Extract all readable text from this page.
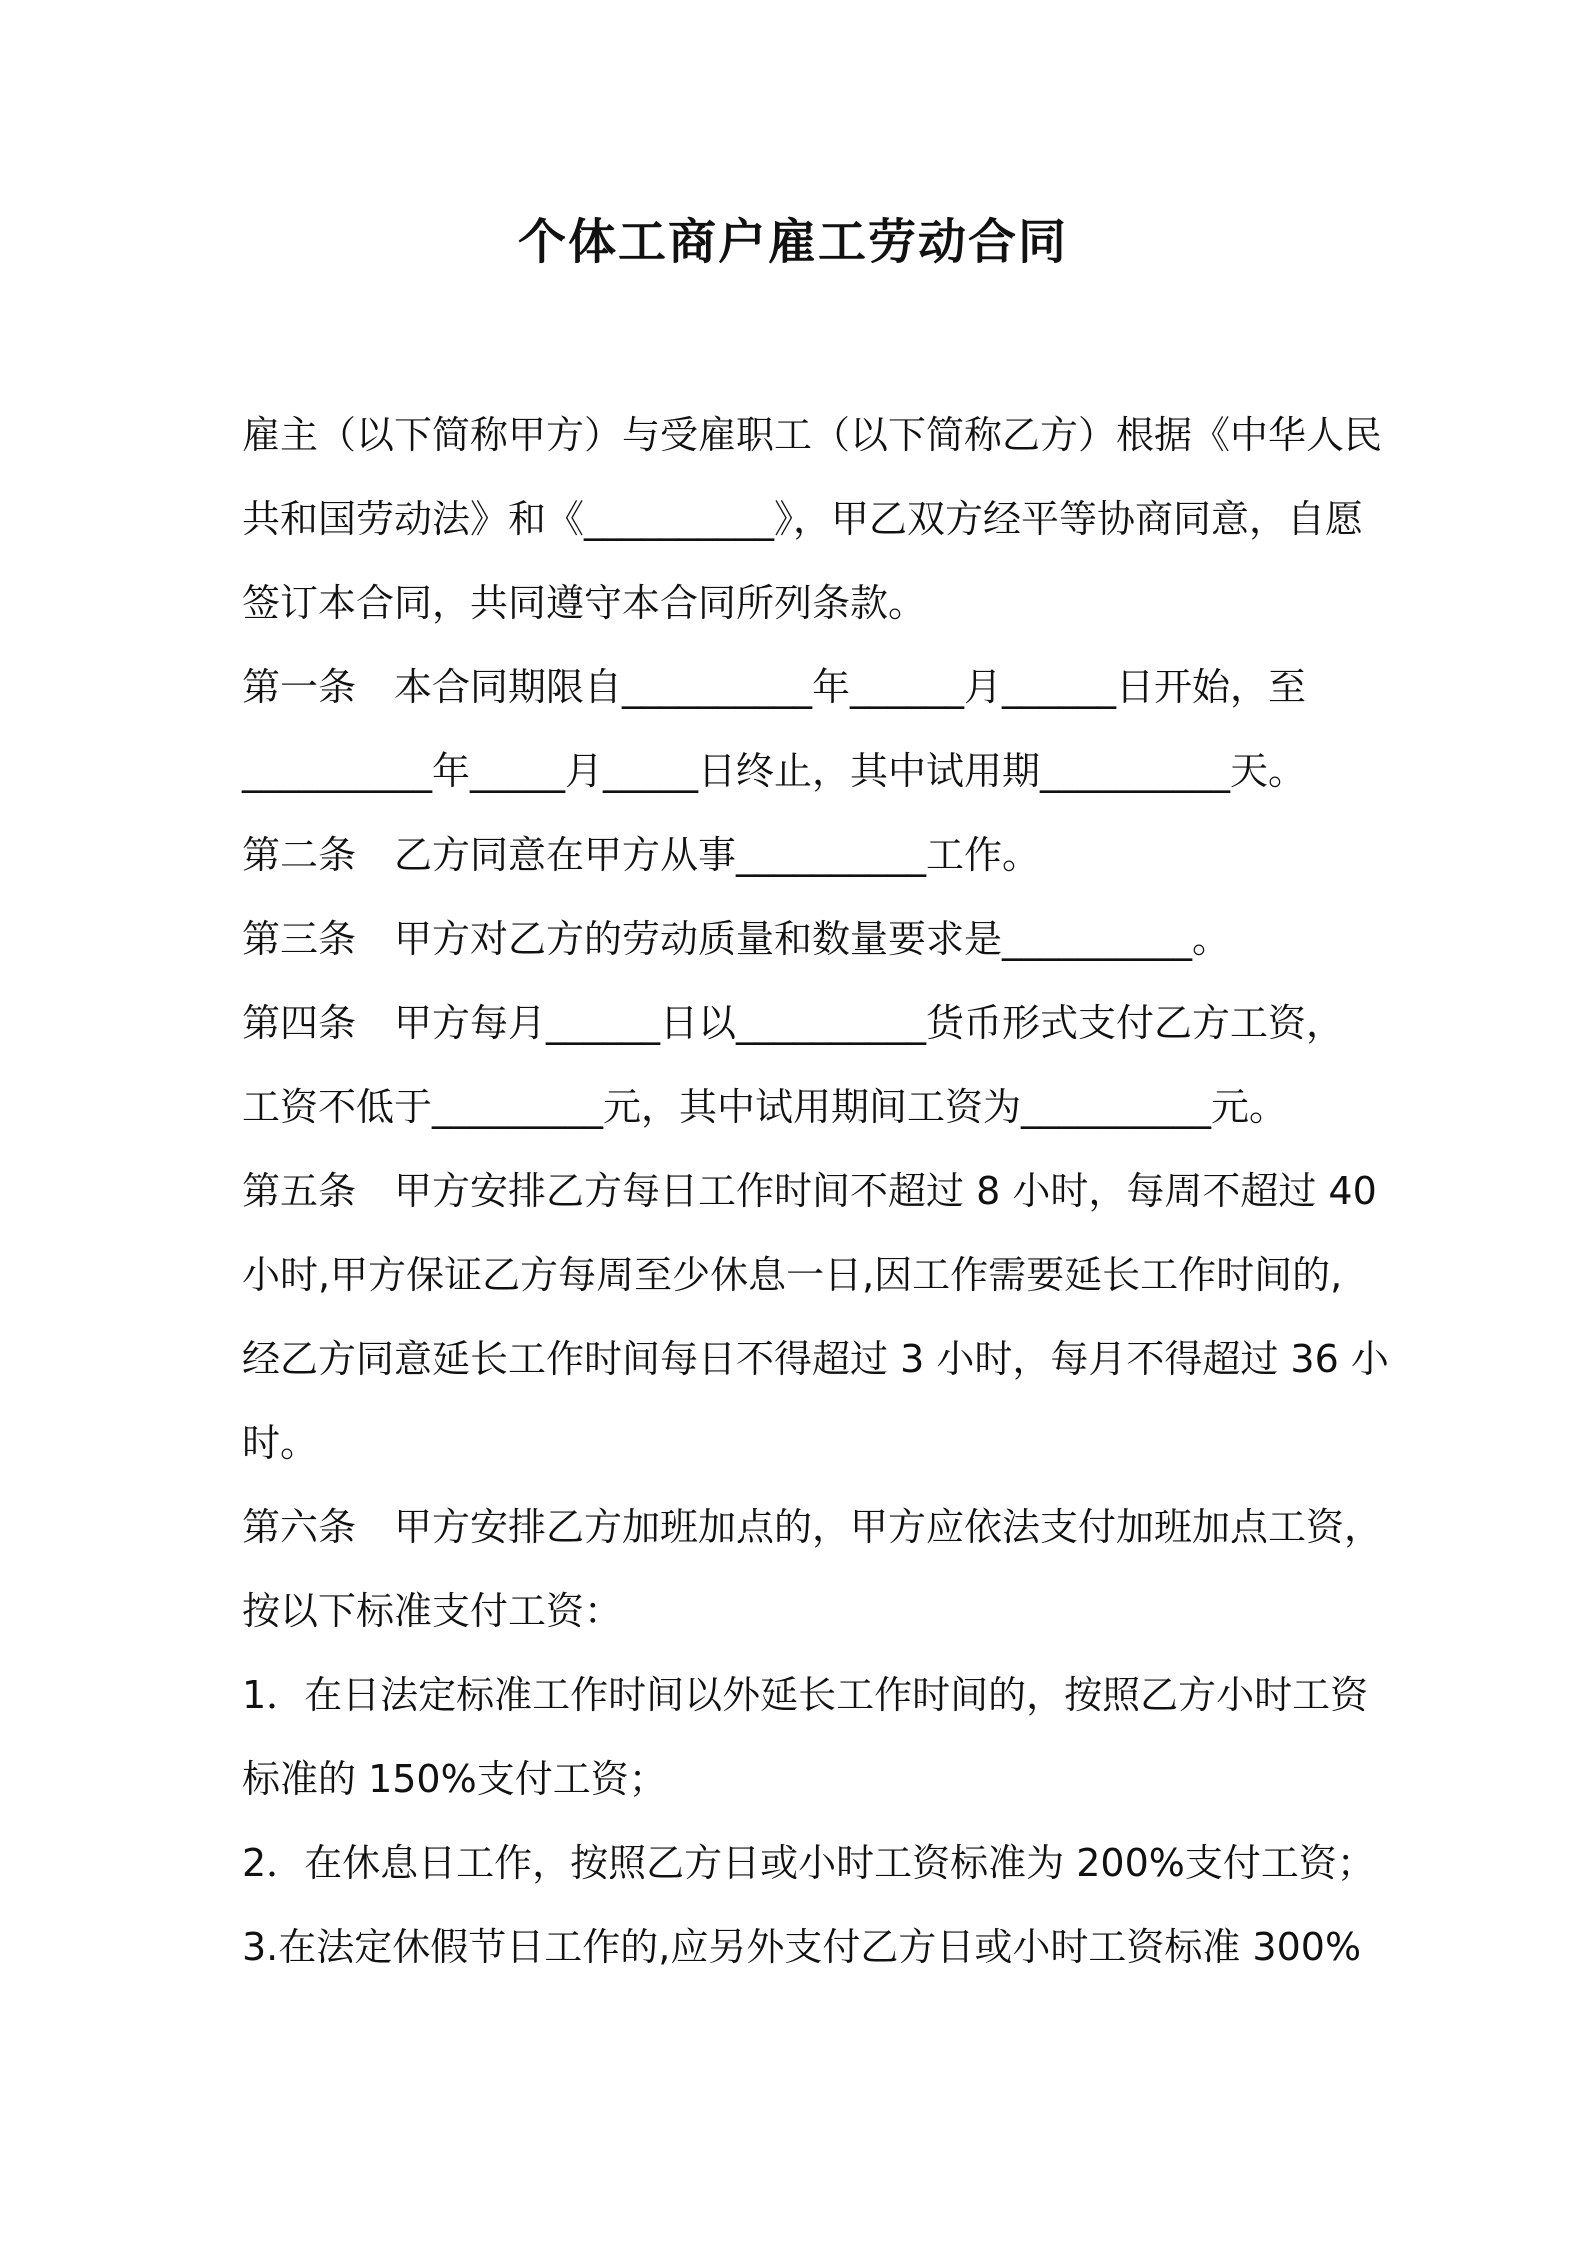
个体工商户雇工劳动合同
雇主（以下简称甲方）与受雇职工（以下简称乙方）根据《中华人民
共和国劳动法》和《__________》，甲乙双方经平等协商同意，自愿
签订本合同，共同遵守本合同所列条款。
第一条　本合同期限自__________年______月______日开始，至
__________年_____月_____日终止，其中试用期__________天。
第二条　乙方同意在甲方从事__________工作。
第三条　甲方对乙方的劳动质量和数量要求是__________。
第四条　甲方每月______日以__________货币形式支付乙方工资，
工资不低于_________元，其中试用期间工资为__________元。
第五条　甲方安排乙方每日工作时间不超过 8 小时，每周不超过 40
小时,甲方保证乙方每周至少休息一日,因工作需要延长工作时间的,
经乙方同意延长工作时间每日不得超过 3 小时，每月不得超过 36 小
时。
第六条　甲方安排乙方加班加点的，甲方应依法支付加班加点工资，
按以下标准支付工资：
1．在日法定标准工作时间以外延长工作时间的，按照乙方小时工资
标准的 150%支付工资；
2．在休息日工作，按照乙方日或小时工资标准为 200%支付工资；
3.在法定休假节日工作的,应另外支付乙方日或小时工资标准 300%
